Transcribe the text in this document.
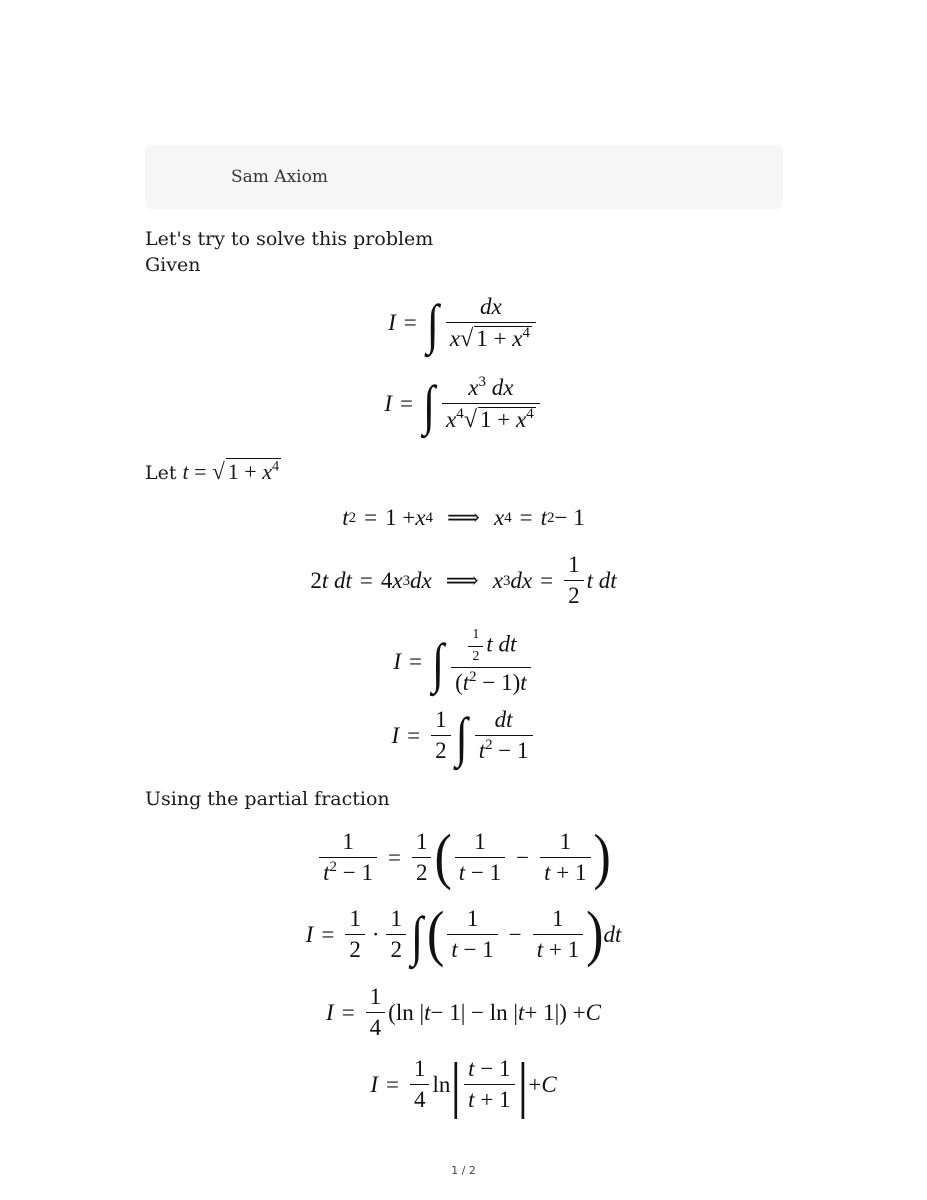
Sam Axiom
Let's try to solve this problem
Given
I = ∫ $\frac{dx}{x √ 1 + x^4}$
I = ∫ $\frac{x^3 dx}{x^4 √ 1 + x^4}$
Let t = √ $1 + x^4$
t 2 = 1 + x 4 ⟹ x 4 = t 2 − 1
2 t dt = 4 x 3 dx ⟹ x 3 dx = $\frac{1}{2}$ t dt
I = ∫ $\frac{\frac{1}{2} t dt}{(t^2 - 1)t}$
$I = \frac{1}{2}$ ∫ $\frac{dt}{t^2 - 1}$
Using the partial fraction
$\frac{1}{t^2 - 1} = \frac{1}{2}$ ( $\frac{1}{t - 1} - \frac{1}{t + 1}$ )
$I = \frac{1}{2} \cdot \frac{1}{2}$ ∫ ( $\frac{1}{t - 1} - \frac{1}{t + 1}$ ) dt
$I = \frac{1}{4} (\ln$ | t − 1| − ln | t + 1|) + C
$I = \frac{1}{4}$ ln | $\frac{t - 1}{t + 1}$ | + C
1 / 2
